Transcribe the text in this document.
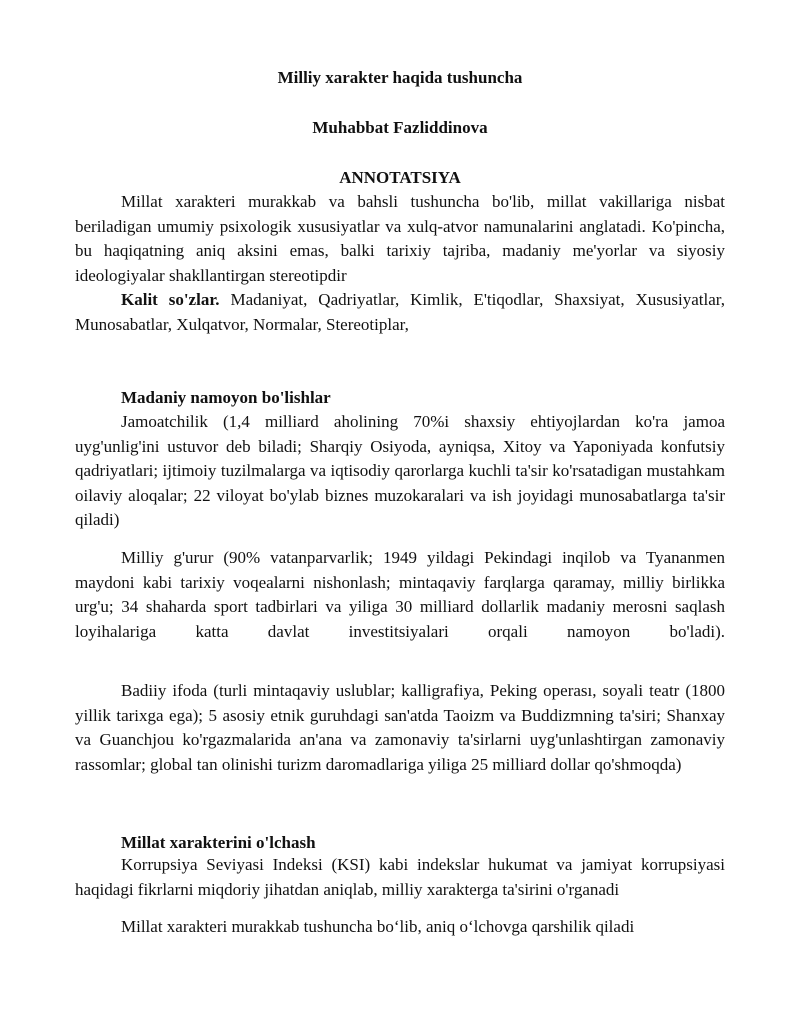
Milliy xarakter haqida tushuncha
Muhabbat Fazliddinova
ANNOTATSIYA

Millat xarakteri murakkab va bahsli tushuncha bo'lib, millat vakillariga nisbat beriladigan umumiy psixologik xususiyatlar va xulq-atvor namunalarini anglatadi. Ko'pincha, bu haqiqatning aniq aksini emas, balki tarixiy tajriba, madaniy me'yorlar va siyosiy ideologiyalar shakllantirgan stereotipdir

Kalit so'zlar. Madaniyat, Qadriyatlar, Kimlik, E'tiqodlar, Shaxsiyat, Xususiyatlar, Munosabatlar, Xulqatvor, Normalar, Stereotiplar,

Madaniy namoyon bo'lishlar

Jamoatchilik (1,4 milliard aholining 70%i shaxsiy ehtiyojlardan ko'ra jamoa uyg'unlig'ini ustuvor deb biladi; Sharqiy Osiyoda, ayniqsa, Xitoy va Yaponiyada konfutsiy qadriyatlari; ijtimoiy tuzilmalarga va iqtisodiy qarorlarga kuchli ta'sir ko'rsatadigan mustahkam oilaviy aloqalar; 22 viloyat bo'ylab biznes muzokaralari va ish joyidagi munosabatlarga ta'sir qiladi)

Milliy g'urur (90% vatanparvarlik; 1949 yildagi Pekindagi inqilob va Tyananmen maydoni kabi tarixiy voqealarni nishonlash; mintaqaviy farqlarga qaramay, milliy birlikka urg'u; 34 shaharda sport tadbirlari va yiliga 30 milliard dollarlik madaniy merosni saqlash loyihalariga katta davlat investitsiyalari orqali namoyon bo'ladi).

Badiiy ifoda (turli mintaqaviy uslublar; kalligrafiya, Peking operası, soyali teatr (1800 yillik tarixga ega); 5 asosiy etnik guruhdagi san'atda Taoizm va Buddizmning ta'siri; Shanxay va Guanchjou ko'rgazmalarida an'ana va zamonaviy ta'sirlarni uyg'unlashtirgan zamonaviy rassomlar; global tan olinishi turizm daromadlariga yiliga 25 milliard dollar qo'shmoqda)

Millat xarakterini o'lchash

Korrupsiya Seviyasi Indeksi (KSI) kabi indekslar hukumat va jamiyat korrupsiyasi haqidagi fikrlarni miqdoriy jihatdan aniqlab, milliy xarakterga ta'sirini o'rganadi

Millat xarakteri murakkab tushuncha bo‘lib, aniq o‘lchovga qarshilik qiladi
